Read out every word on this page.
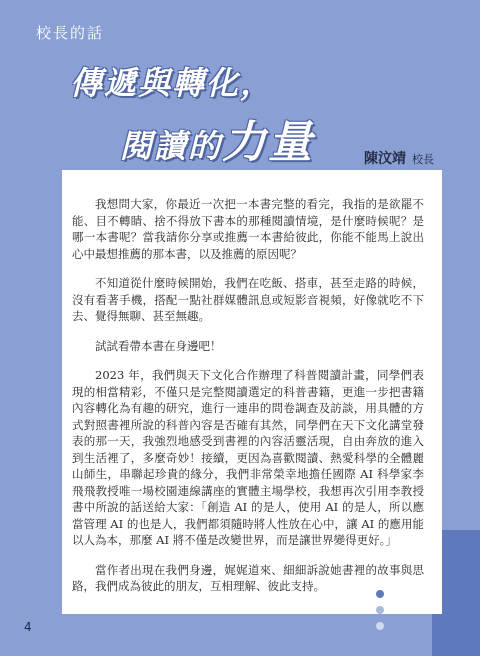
校長的話
傳遞與轉化，
閱讀的力量	陳汶靖 校長

我想問大家，你最近一次把一本書完整的看完，我指的是欲罷不能、目不轉睛、捨不得放下書本的那種閱讀情境，是什麼時候呢？是哪一本書呢？當我請你分享或推薦一本書給彼此，你能不能馬上說出心中最想推薦的那本書，以及推薦的原因呢？

不知道從什麼時候開始，我們在吃飯、搭車，甚至走路的時候，沒有看著手機，搭配一點社群媒體訊息或短影音視頻，好像就吃不下去、覺得無聊、甚至無趣。

試試看帶本書在身邊吧！

2023 年，我們與天下文化合作辦理了科普閱讀計畫，同學們表現的相當精彩，不僅只是完整閱讀選定的科普書籍，更進一步把書籍內容轉化為有趣的研究，進行一連串的問卷調查及訪談，用具體的方式對照書裡所說的科普內容是否確有其然，同學們在天下文化講堂發表的那一天，我強烈地感受到書裡的內容活靈活現，自由奔放的進入到生活裡了，多麼奇妙！接續，更因為喜歡閱讀、熱愛科學的全體麗山師生，串聯起珍貴的緣分，我們非常榮幸地擔任國際 AI 科學家李飛飛教授唯一場校園連線講座的實體主場學校，我想再次引用李教授書中所說的話送給大家：「創造 AI 的是人，使用 AI 的是人，所以應當管理 AI 的也是人，我們都須隨時將人性放在心中，讓 AI 的應用能以人為本，那麼 AI 將不僅是改變世界，而是讓世界變得更好。」

當作者出現在我們身邊，娓娓道來、細細訴說她書裡的故事與思路，我們成為彼此的朋友，互相理解、彼此支持。

4
